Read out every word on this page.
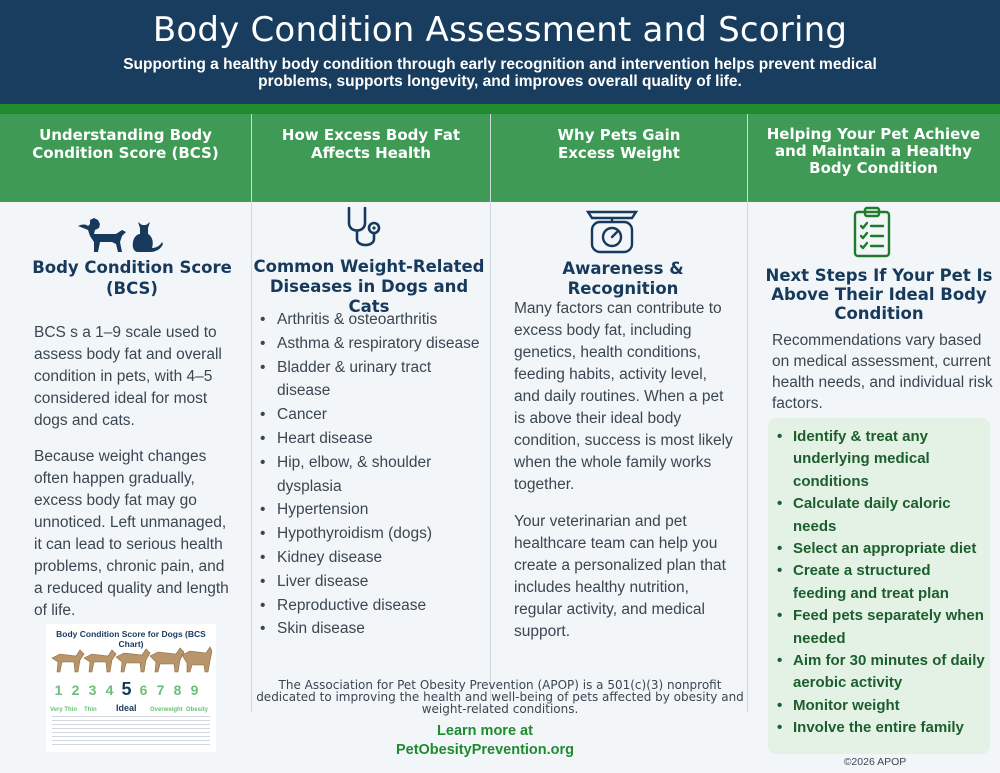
Body Condition Assessment and Scoring
Supporting a healthy body condition through early recognition and intervention helps prevent medical problems, supports longevity, and improves overall quality of life.
Understanding Body Condition Score (BCS)
How Excess Body Fat Affects Health
Why Pets Gain Excess Weight
Helping Your Pet Achieve and Maintain a Healthy Body Condition
Body Condition Score (BCS)

BCS s a 1–9 scale used to assess body fat and overall condition in pets, with 4–5 considered ideal for most dogs and cats.

Because weight changes often happen gradually, excess body fat may go unnoticed. Left unmanaged, it can lead to serious health problems, chronic pain, and a reduced quality and length of life.

Body Condition Score for Dogs (BCS Chart)
1 2 3 4 5 6 7 8 9
Very Thin Thin Ideal Overweight Obesity
Common Weight-Related Diseases in Dogs and Cats
• Arthritis & osteoarthritis
• Asthma & respiratory disease
• Bladder & urinary tract disease
• Cancer
• Heart disease
• Hip, elbow, & shoulder dysplasia
• Hypertension
• Hypothyroidism (dogs)
• Kidney disease
• Liver disease
• Reproductive disease
• Skin disease
Awareness & Recognition

Many factors can contribute to excess body fat, including genetics, health conditions, feeding habits, activity level, and daily routines. When a pet is above their ideal body condition, success is most likely when the whole family works together.

Your veterinarian and pet healthcare team can help you create a personalized plan that includes healthy nutrition, regular activity, and medical support.

Next Steps If Your Pet Is Above Their Ideal Body Condition
Recommendations vary based on medical assessment, current health needs, and individual risk factors.
• Identify & treat any underlying medical conditions
• Calculate daily caloric needs
• Select an appropriate diet
• Create a structured feeding and treat plan
• Feed pets separately when needed
• Aim for 30 minutes of daily aerobic activity
• Monitor weight
• Involve the entire family
The Association for Pet Obesity Prevention (APOP) is a 501(c)(3) nonprofit dedicated to improving the health and well-being of pets affected by obesity and weight-related conditions.
Learn more at
PetObesityPrevention.org
©2026 APOP
